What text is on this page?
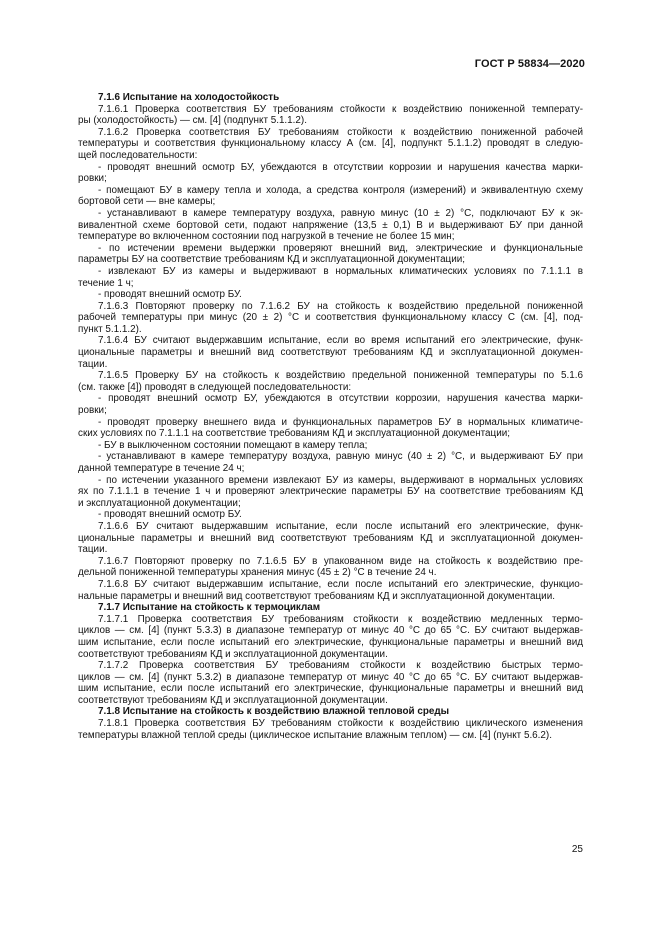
ГОСТ Р 58834—2020

7.1.6 Испытание на холодостойкость

7.1.6.1 Проверка соответствия БУ требованиям стойкости к воздействию пониженной температу-

ры (холодостойкость) — см. [4] (подпункт 5.1.1.2).

7.1.6.2 Проверка соответствия БУ требованиям стойкости к воздействию пониженной рабочей

температуры и соответствия функциональному классу А (см. [4], подпункт 5.1.1.2) проводят в следую-

щей последовательности:

- проводят внешний осмотр БУ, убеждаются в отсутствии коррозии и нарушения качества марки-

ровки;

- помещают БУ в камеру тепла и холода, а средства контроля (измерений) и эквивалентную схему

бортовой сети — вне камеры;

- устанавливают в камере температуру воздуха, равную минус (10 ± 2) °С, подключают БУ к эк-

вивалентной схеме бортовой сети, подают напряжение (13,5 ± 0,1) В и выдерживают БУ при данной

температуре во включенном состоянии под нагрузкой в течение не более 15 мин;

- по истечении времени выдержки проверяют внешний вид, электрические и функциональные

параметры БУ на соответствие требованиям КД и эксплуатационной документации;

- извлекают БУ из камеры и выдерживают в нормальных климатических условиях по 7.1.1.1 в

течение 1 ч;

- проводят внешний осмотр БУ.

7.1.6.3 Повторяют проверку по 7.1.6.2 БУ на стойкость к воздействию предельной пониженной

рабочей температуры при минус (20 ± 2) °С и соответствия функциональному классу С (см. [4], под-

пункт 5.1.1.2).

7.1.6.4 БУ считают выдержавшим испытание, если во время испытаний его электрические, функ-

циональные параметры и внешний вид соответствуют требованиям КД и эксплуатационной докумен-

тации.

7.1.6.5 Проверку БУ на стойкость к воздействию предельной пониженной температуры по 5.1.6

(см. также [4]) проводят в следующей последовательности:

- проводят внешний осмотр БУ, убеждаются в отсутствии коррозии, нарушения качества марки-

ровки;

- проводят проверку внешнего вида и функциональных параметров БУ в нормальных климатиче-

ских условиях по 7.1.1.1 на соответствие требованиям КД и эксплуатационной документации;

- БУ в выключенном состоянии помещают в камеру тепла;

- устанавливают в камере температуру воздуха, равную минус (40 ± 2) °С, и выдерживают БУ при

данной температуре в течение 24 ч;

- по истечении указанного времени извлекают БУ из камеры, выдерживают в нормальных условиях

ях по 7.1.1.1 в течение 1 ч и проверяют электрические параметры БУ на соответствие требованиям КД

и эксплуатационной документации;

- проводят внешний осмотр БУ.

7.1.6.6 БУ считают выдержавшим испытание, если после испытаний его электрические, функ-

циональные параметры и внешний вид соответствуют требованиям КД и эксплуатационной докумен-

тации.

7.1.6.7 Повторяют проверку по 7.1.6.5 БУ в упакованном виде на стойкость к воздействию пре-

дельной пониженной температуры хранения минус (45 ± 2) °С в течение 24 ч.

7.1.6.8 БУ считают выдержавшим испытание, если после испытаний его электрические, функцио-

нальные параметры и внешний вид соответствуют требованиям КД и эксплуатационной документации.

7.1.7 Испытание на стойкость к термоциклам

7.1.7.1 Проверка соответствия БУ требованиям стойкости к воздействию медленных термо-

циклов — см. [4] (пункт 5.3.3) в диапазоне температур от минус 40 °С до 65 °С. БУ считают выдержав-

шим испытание, если после испытаний его электрические, функциональные параметры и внешний вид

соответствуют требованиям КД и эксплуатационной документации.

7.1.7.2 Проверка соответствия БУ требованиям стойкости к воздействию быстрых термо-

циклов — см. [4] (пункт 5.3.2) в диапазоне температур от минус 40 °С до 65 °С. БУ считают выдержав-

шим испытание, если после испытаний его электрические, функциональные параметры и внешний вид

соответствуют требованиям КД и эксплуатационной документации.

7.1.8 Испытание на стойкость к воздействию влажной тепловой среды

7.1.8.1 Проверка соответствия БУ требованиям стойкости к воздействию циклического изменения

температуры влажной теплой среды (циклическое испытание влажным теплом) — см. [4] (пункт 5.6.2).

25
